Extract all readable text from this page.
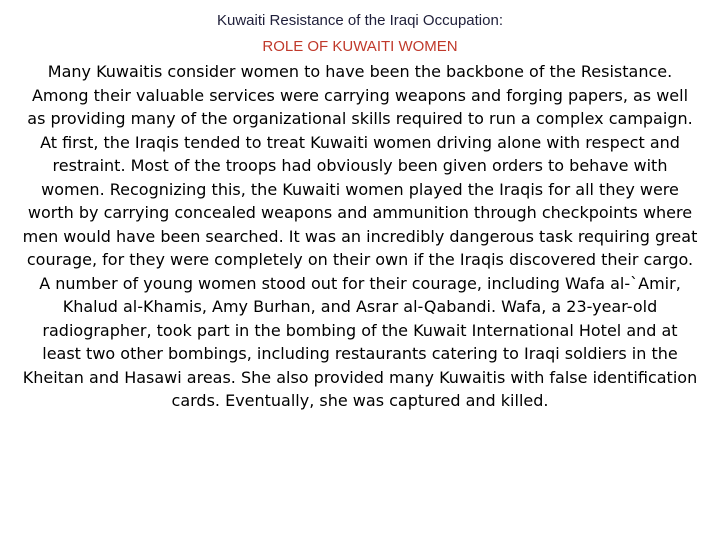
Kuwaiti Resistance of the Iraqi Occupation:
ROLE OF KUWAITI WOMEN

Many Kuwaitis consider women to have been the backbone of the Resistance. Among their valuable services were carrying weapons and forging papers, as well as providing many of the organizational skills required to run a complex campaign.

At first, the Iraqis tended to treat Kuwaiti women driving alone with respect and restraint. Most of the troops had obviously been given orders to behave with women. Recognizing this, the Kuwaiti women played the Iraqis for all they were worth by carrying concealed weapons and ammunition through checkpoints where men would have been searched. It was an incredibly dangerous task requiring great courage, for they were completely on their own if the Iraqis discovered their cargo.

A number of young women stood out for their courage, including Wafa al-`Amir, Khalud al-Khamis, Amy Burhan, and Asrar al-Qabandi. Wafa, a 23-year-old radiographer, took part in the bombing of the Kuwait International Hotel and at least two other bombings, including restaurants catering to Iraqi soldiers in the Kheitan and Hasawi areas. She also provided many Kuwaitis with false identification cards. Eventually, she was captured and killed.
